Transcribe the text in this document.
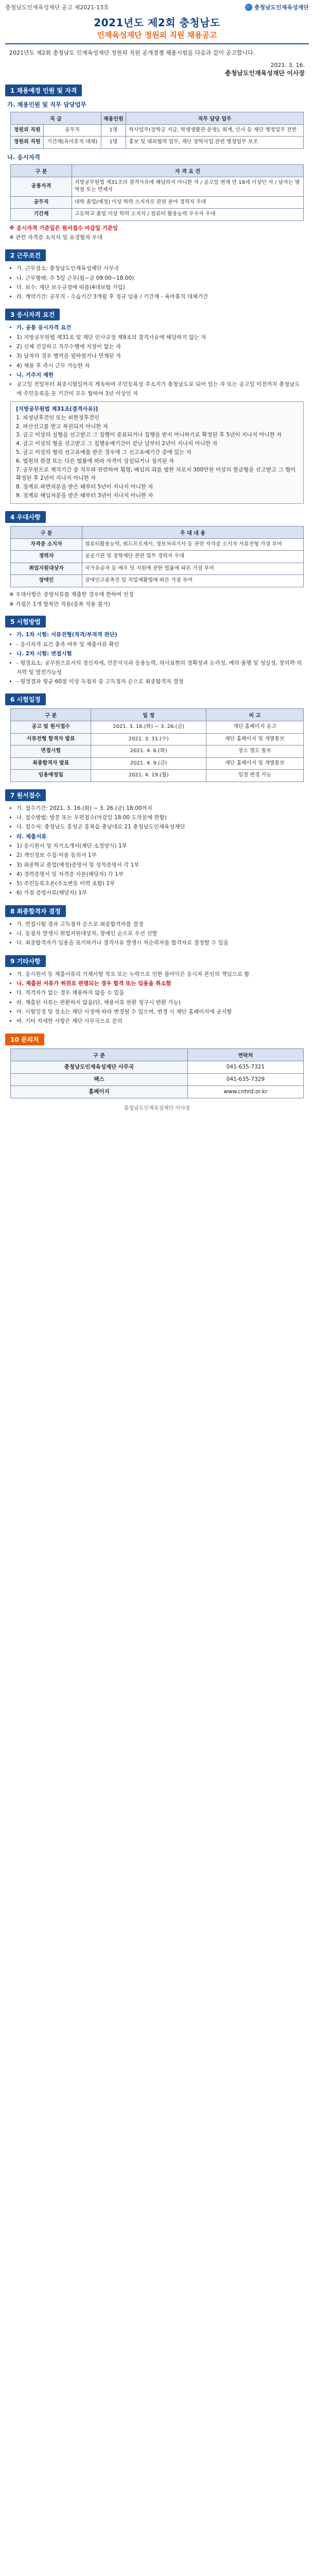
충청남도인재육성재단 공고 제2021-13호	충청남도인재육성재단
2021년도 제2회 충청남도
인재육성재단 정원외 직원 채용공고

2021년도 제2회 충청남도 인재육성재단 정원외 직원 공개경쟁 채용시험을 다음과 같이 공고합니다.

2021. 3. 16.
충청남도인재육성재단 이사장
1 채용예정 인원 및 자격
가. 채용인원 및 직무 담당업무
직 급		채용인원	직무 담당 업무
정원외 직원	공무직	1명	학사업무(장학금 지급, 학생생활관 운영), 회계, 인사 등 재단 행정업무 전반
정원외 직원	기간제(육아휴직 대체)	1명	홍보 및 대외협력 업무, 재단 장학사업 관련 행정업무 보조
나. 응시자격
구 분	자 격 요 건
공통자격	지방공무원법 제31조의 결격사유에 해당하지 아니한 자 / 공고일 현재 만 18세 이상인 자 / 남자는 병역필 또는 면제자
공무직	대학 졸업(예정) 이상 학력 소지자로 관련 분야 경력자 우대
기간제	고등학교 졸업 이상 학력 소지자 / 컴퓨터 활용능력 우수자 우대
※ 응시자격 기준일은 원서접수 마감일 기준임
※ 관련 자격증 소지자 및 유경험자 우대
2 근무조건
• 가. 근무장소: 충청남도인재육성재단 사무국
• 나. 근무형태: 주 5일 근무(월~금 09:00~18:00)
• 다. 보수: 재단 보수규정에 따름(4대보험 가입)
• 라. 계약기간: 공무직 - 수습기간 3개월 후 정규 임용 / 기간제 - 육아휴직 대체기간
3 응시자격 요건
• 가. 공통 응시자격 요건
• 1) 지방공무원법 제31조 및 재단 인사규정 제9조의 결격사유에 해당하지 않는 자
• 2) 신체 건강하고 직무수행에 지장이 없는 자
• 3) 남자의 경우 병역을 필하였거나 면제된 자
• 4) 채용 후 즉시 근무 가능한 자
• 나. 거주지 제한
• 공고일 전일부터 최종시험일까지 계속하여 주민등록상 주소지가 충청남도로 되어 있는 자 또는 공고일 이전까지 충청남도에 주민등록을 둔 기간이 모두 합하여 3년 이상인 자
[지방공무원법 제31조(결격사유)]
1. 피성년후견인 또는 피한정후견인
2. 파산선고를 받고 복권되지 아니한 자
3. 금고 이상의 실형을 선고받고 그 집행이 종료되거나 집행을 받지 아니하기로 확정된 후 5년이 지나지 아니한 자
4. 금고 이상의 형을 선고받고 그 집행유예기간이 끝난 날부터 2년이 지나지 아니한 자
5. 금고 이상의 형의 선고유예를 받은 경우에 그 선고유예기간 중에 있는 자
6. 법원의 판결 또는 다른 법률에 따라 자격이 상실되거나 정지된 자
7. 공무원으로 재직기간 중 직무와 관련하여 횡령, 배임의 죄를 범한 자로서 300만원 이상의 벌금형을 선고받고 그 형이 확정된 후 2년이 지나지 아니한 자
8. 징계로 파면처분을 받은 때부터 5년이 지나지 아니한 자
9. 징계로 해임처분을 받은 때부터 3년이 지나지 아니한 자
4 우대사항
구 분	우 대 내 용
자격증 소지자	컴퓨터활용능력, 워드프로세서, 정보처리기사 등 관련 자격증 소지자 서류전형 가점 부여
경력자	공공기관 및 장학재단 관련 업무 경력자 우대
취업지원대상자	국가유공자 등 예우 및 지원에 관한 법률에 따른 가점 부여
장애인	장애인고용촉진 및 직업재활법에 따른 가점 부여
※ 우대사항은 증빙서류를 제출한 경우에 한하여 인정
※ 가점은 1개 항목만 적용(중복 적용 불가)
5 시험방법
• 가. 1차 시험: 서류전형(적격/부적격 판단)
• - 응시자격 요건 충족 여부 및 제출서류 확인
• 나. 2차 시험: 면접시험
• - 평정요소: 공무원으로서의 정신자세, 전문지식과 응용능력, 의사표현의 정확성과 논리성, 예의·품행 및 성실성, 창의력·의지력 및 발전가능성
• - 평정결과 평균 60점 이상 득점자 중 고득점자 순으로 최종합격자 결정
6 시험일정
구 분	일 정	비 고
공고 및 원서접수	2021. 3. 16.(화) ~ 3. 26.(금)	재단 홈페이지 공고
서류전형 합격자 발표	2021. 3. 31.(수)	재단 홈페이지 및 개별통보
면접시험	2021. 4. 6.(화)	장소 별도 통보
최종합격자 발표	2021. 4. 9.(금)	재단 홈페이지 및 개별통보
임용예정일	2021. 4. 19.(월)	일정 변경 가능
7 원서접수
• 가. 접수기간: 2021. 3. 16.(화) ~ 3. 26.(금) 18:00까지
• 나. 접수방법: 방문 또는 우편접수(마감일 18:00 도착분에 한함)
• 다. 접수처: 충청남도 홍성군 홍북읍 충남대로 21 충청남도인재육성재단
• 라. 제출서류
• 1) 응시원서 및 자기소개서(재단 소정양식) 1부
• 2) 개인정보 수집·이용 동의서 1부
• 3) 최종학교 졸업(예정)증명서 및 성적증명서 각 1부
• 4) 경력증명서 및 자격증 사본(해당자) 각 1부
• 5) 주민등록초본(주소변동 이력 포함) 1부
• 6) 가점 증빙서류(해당자) 1부
8 최종합격자 결정
• 가. 면접시험 결과 고득점자 순으로 최종합격자를 결정
• 나. 동점자 발생시 취업지원대상자, 장애인 순으로 우선 선발
• 다. 최종합격자가 임용을 포기하거나 결격사유 발생시 차순위자를 합격자로 결정할 수 있음
9 기타사항
• 가. 응시원서 등 제출서류의 기재사항 착오 또는 누락으로 인한 불이익은 응시자 본인의 책임으로 함
• 나. 제출된 서류가 허위로 판명되는 경우 합격 또는 임용을 취소함
• 다. 적격자가 없는 경우 채용하지 않을 수 있음
• 라. 제출된 서류는 반환하지 않음(단, 채용서류 반환 청구시 반환 가능)
• 마. 시험일정 및 장소는 재단 사정에 따라 변경될 수 있으며, 변경 시 재단 홈페이지에 공지함
• 바. 기타 자세한 사항은 재단 사무국으로 문의
10 문의처
구 분	연락처
충청남도인재육성재단 사무국	041-635-7321
팩스	041-635-7329
홈페이지	www.cnhrd.or.kr
충청남도인재육성재단 이사장
